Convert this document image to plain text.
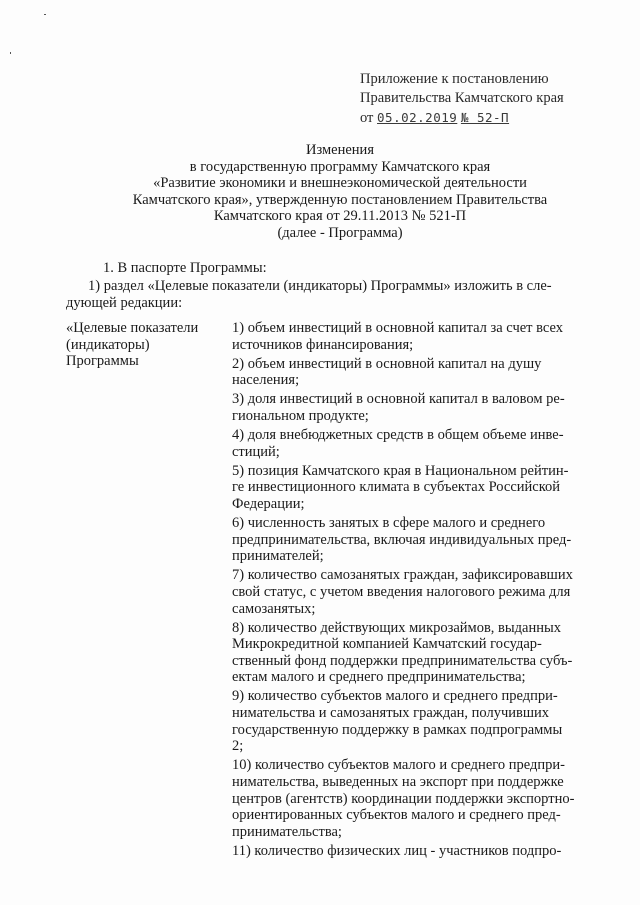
Приложение к постановлению
Правительства Камчатского края
от 05.02.2019 № 52-П
Изменения
в государственную программу Камчатского края
«Развитие экономики и внешнеэкономической деятельности
Камчатского края», утвержденную постановлением Правительства
Камчатского края от 29.11.2013 № 521-П
(далее - Программа)
1. В паспорте Программы:
1) раздел «Целевые показатели (индикаторы) Программы» изложить в сле-
дующей редакции:
«Целевые показатели
(индикаторы)
Программы
1) объем инвестиций в основной капитал за счет всех
источников финансирования;
2) объем инвестиций в основной капитал на душу
населения;
3) доля инвестиций в основной капитал в валовом ре-
гиональном продукте;
4) доля внебюджетных средств в общем объеме инве-
стиций;
5) позиция Камчатского края в Национальном рейтин-
ге инвестиционного климата в субъектах Российской
Федерации;
6) численность занятых в сфере малого и среднего
предпринимательства, включая индивидуальных пред-
принимателей;
7) количество самозанятых граждан, зафиксировавших
свой статус, с учетом введения налогового режима для
самозанятых;
8) количество действующих микрозаймов, выданных
Микрокредитной компанией Камчатский государ-
ственный фонд поддержки предпринимательства субъ-
ектам малого и среднего предпринимательства;
9) количество субъектов малого и среднего предпри-
нимательства и самозанятых граждан, получивших
государственную поддержку в рамках подпрограммы
2;
10) количество субъектов малого и среднего предпри-
нимательства, выведенных на экспорт при поддержке
центров (агентств) координации поддержки экспортно-
ориентированных субъектов малого и среднего пред-
принимательства;
11) количество физических лиц - участников подпро-
